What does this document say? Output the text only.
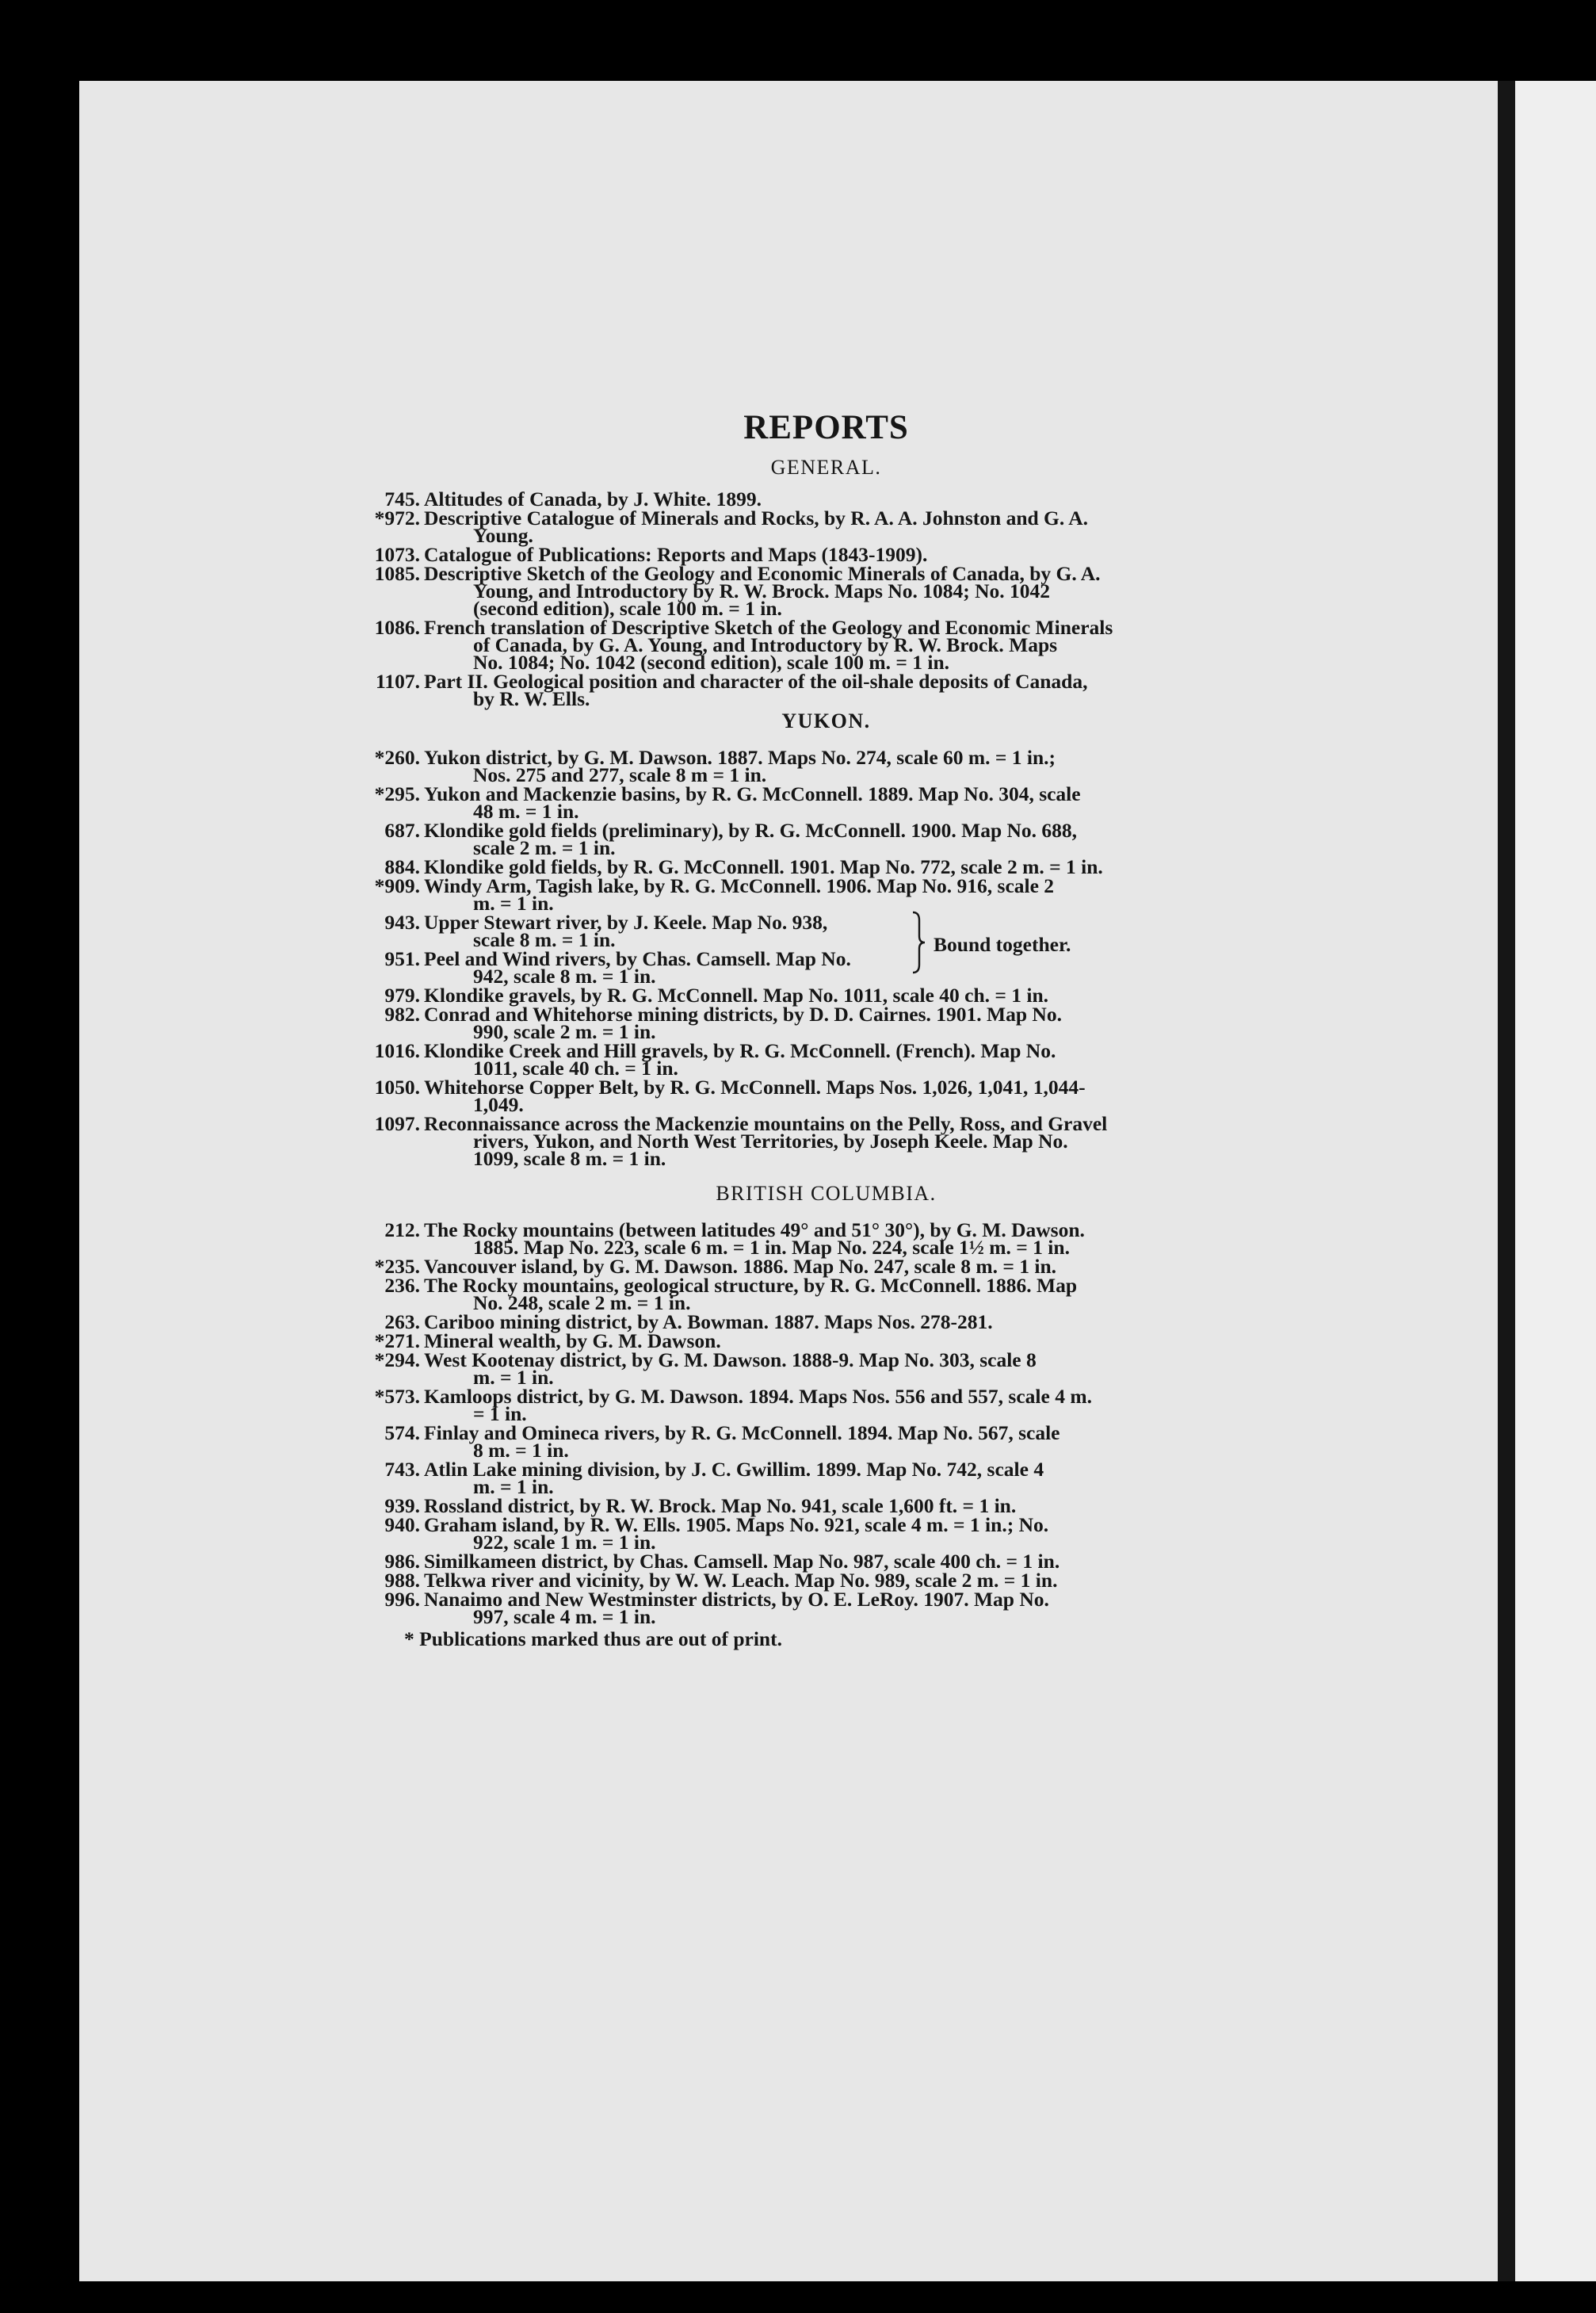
REPORTS
GENERAL.
745. Altitudes of Canada, by J. White. 1899.
*972. Descriptive Catalogue of Minerals and Rocks, by R. A. A. Johnston and G. A.
Young.
1073. Catalogue of Publications: Reports and Maps (1843-1909).
1085. Descriptive Sketch of the Geology and Economic Minerals of Canada, by G. A.
Young, and Introductory by R. W. Brock. Maps No. 1084; No. 1042
(second edition), scale 100 m. = 1 in.
1086. French translation of Descriptive Sketch of the Geology and Economic Minerals
of Canada, by G. A. Young, and Introductory by R. W. Brock. Maps
No. 1084; No. 1042 (second edition), scale 100 m. = 1 in.
1107. Part II. Geological position and character of the oil-shale deposits of Canada,
by R. W. Ells.
YUKON.
*260. Yukon district, by G. M. Dawson. 1887. Maps No. 274, scale 60 m. = 1 in.;
Nos. 275 and 277, scale 8 m = 1 in.
*295. Yukon and Mackenzie basins, by R. G. McConnell. 1889. Map No. 304, scale
48 m. = 1 in.
687. Klondike gold fields (preliminary), by R. G. McConnell. 1900. Map No. 688,
scale 2 m. = 1 in.
884. Klondike gold fields, by R. G. McConnell. 1901. Map No. 772, scale 2 m. = 1 in.
*909. Windy Arm, Tagish lake, by R. G. McConnell. 1906. Map No. 916, scale 2
m. = 1 in.
943. Upper Stewart river, by J. Keele. Map No. 938,
scale 8 m. = 1 in.
951. Peel and Wind rivers, by Chas. Camsell. Map No.
942, scale 8 m. = 1 in.
Bound together.
979. Klondike gravels, by R. G. McConnell. Map No. 1011, scale 40 ch. = 1 in.
982. Conrad and Whitehorse mining districts, by D. D. Cairnes. 1901. Map No.
990, scale 2 m. = 1 in.
1016. Klondike Creek and Hill gravels, by R. G. McConnell. (French). Map No.
1011, scale 40 ch. = 1 in.
1050. Whitehorse Copper Belt, by R. G. McConnell. Maps Nos. 1,026, 1,041, 1,044-
1,049.
1097. Reconnaissance across the Mackenzie mountains on the Pelly, Ross, and Gravel
rivers, Yukon, and North West Territories, by Joseph Keele. Map No.
1099, scale 8 m. = 1 in.
BRITISH COLUMBIA.
212. The Rocky mountains (between latitudes 49° and 51° 30°), by G. M. Dawson.
1885. Map No. 223, scale 6 m. = 1 in. Map No. 224, scale 1½ m. = 1 in.
*235. Vancouver island, by G. M. Dawson. 1886. Map No. 247, scale 8 m. = 1 in.
236. The Rocky mountains, geological structure, by R. G. McConnell. 1886. Map
No. 248, scale 2 m. = 1 in.
263. Cariboo mining district, by A. Bowman. 1887. Maps Nos. 278-281.
*271. Mineral wealth, by G. M. Dawson.
*294. West Kootenay district, by G. M. Dawson. 1888-9. Map No. 303, scale 8
m. = 1 in.
*573. Kamloops district, by G. M. Dawson. 1894. Maps Nos. 556 and 557, scale 4 m.
= 1 in.
574. Finlay and Omineca rivers, by R. G. McConnell. 1894. Map No. 567, scale
8 m. = 1 in.
743. Atlin Lake mining division, by J. C. Gwillim. 1899. Map No. 742, scale 4
m. = 1 in.
939. Rossland district, by R. W. Brock. Map No. 941, scale 1,600 ft. = 1 in.
940. Graham island, by R. W. Ells. 1905. Maps No. 921, scale 4 m. = 1 in.; No.
922, scale 1 m. = 1 in.
986. Similkameen district, by Chas. Camsell. Map No. 987, scale 400 ch. = 1 in.
988. Telkwa river and vicinity, by W. W. Leach. Map No. 989, scale 2 m. = 1 in.
996. Nanaimo and New Westminster districts, by O. E. LeRoy. 1907. Map No.
997, scale 4 m. = 1 in.
* Publications marked thus are out of print.
